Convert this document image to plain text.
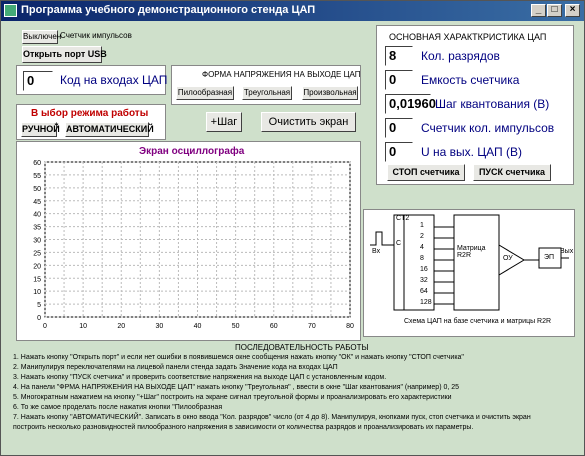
Программа учебного демонстрационного стенда ЦАП	_	□	×
Выключен
Счетчик импульсов
Открыть порт USB
0	Код на входах ЦАП	ФОРМА НАПРЯЖЕНИЯ НА ВЫХОДЕ ЦАП
Пилообразная Треугольная Произвольная
В ыбор режима работы
РУЧНОЙ АВТОМАТИЧЕСКИЙ
+Шаг	Очистить экран
Экран осциллографа
60
55
50
45
40
35
30
25
20
15
10
5
0
0	10	20	30	40	50	60	70	80
ОСНОВНАЯ ХАРАКТКРИСТИКА ЦАП
8	Кол. разрядов
0	Емкость счетчика
0,01960 Шаг квантования (В)
0	Счетчик кол. импульсов
0	U на вых. ЦАП (В)
СТОП счетчика	ПУСК счетчика
CT2
C
Вх
1
2
4
8
16
32
64
128
Матрица R2R	ОУ	ЭП
Вых
Схема ЦАП на базе счетчика и матрицы R2R
ПОСЛЕДОВАТЕЛЬНОСТЬ РАБОТЫ
1. Нажать кнопку "Открыть порт" и если нет ошибки в появившемся окне сообщения нажать кнопку "ОК" и нажать кнопку "СТОП счетчика"
2. Манипулируя переключателями на лицевой панели стенда задать Значение кода на входах ЦАП
3. Нажать кнопку "ПУСК счетчика" и проверить соответствие напряжения на выходе ЦАП с установленным кодом.
4. На панели "ФРМА НАПРЯЖЕНИЯ НА ВЫХОДЕ ЦАП" нажать кнопку "Треугольная" , ввести в окне "Шаг квантования" (например) 0, 25
5. Многократным нажатием на кнопку "+Шаг" построить на экране сигнал треугольной формы и проанализировать его характеристики
6. То же самое проделать после нажатия кнопки "Пилообразная
7. Нажать кнопку "АВТОМАТИЧЕСКИЙ". Записать в окно ввода "Кол. разрядов" число (от 4 до 8). Манипулируя, кнопками пуск, стоп счетчика и очистить экран
построить несколько разновидностей пилообразного напряжения в зависимости от количества разрядов и проанализировать их параметры.
